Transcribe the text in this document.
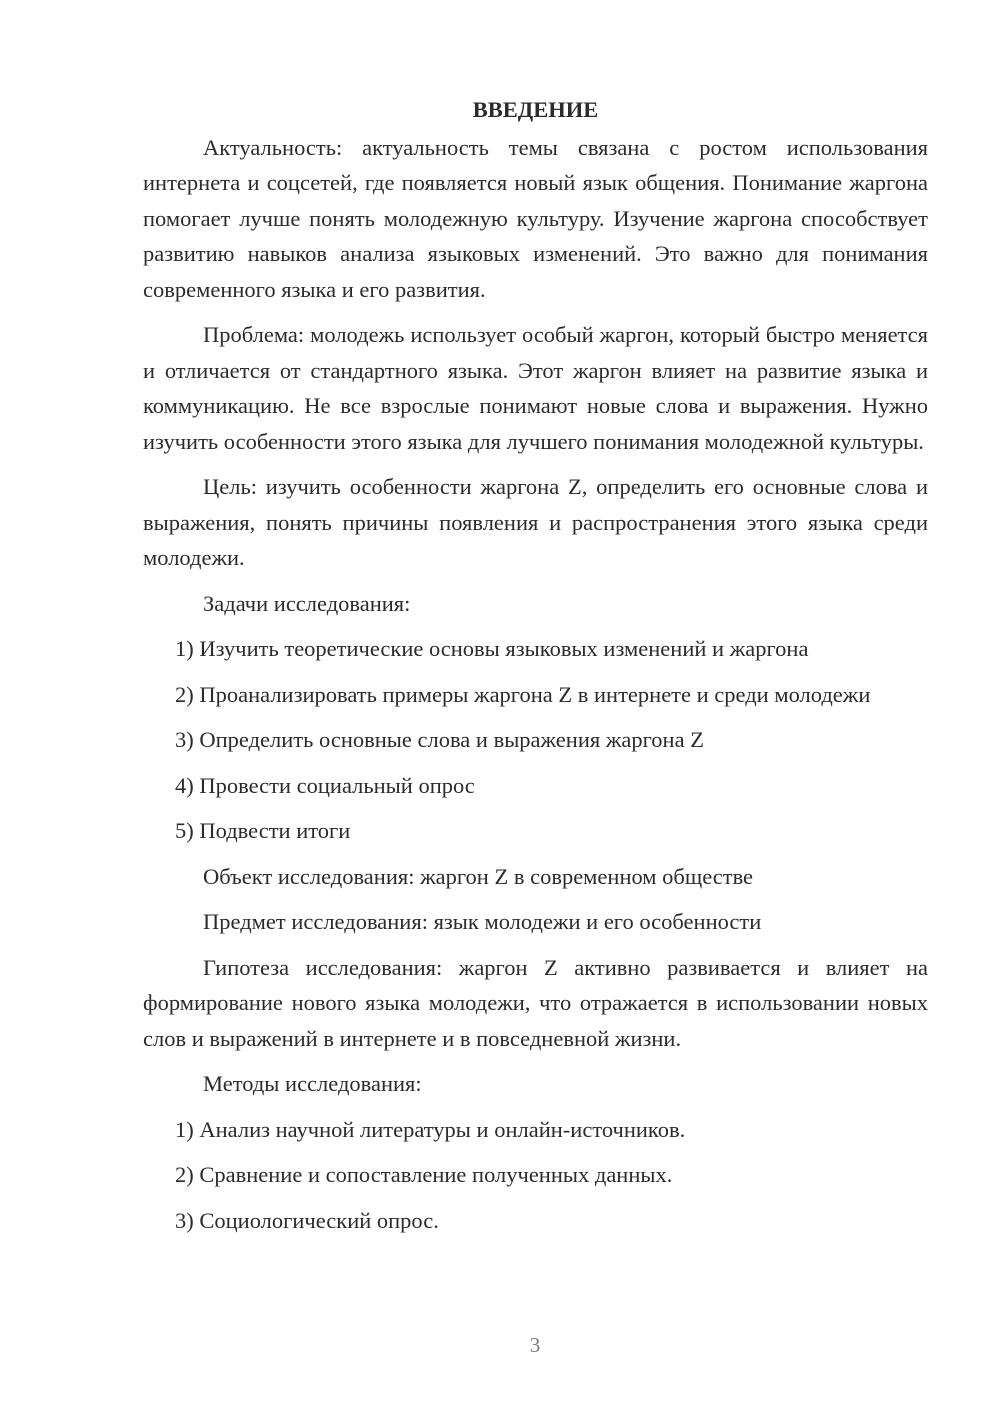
ВВЕДЕНИЕ

Актуальность: актуальность темы связана с ростом использования интернета и соцсетей, где появляется новый язык общения. Понимание жаргона помогает лучше понять молодежную культуру. Изучение жаргона способствует развитию навыков анализа языковых изменений. Это важно для понимания современного языка и его развития.

Проблема: молодежь использует особый жаргон, который быстро меняется и отличается от стандартного языка. Этот жаргон влияет на развитие языка и коммуникацию. Не все взрослые понимают новые слова и выражения. Нужно изучить особенности этого языка для лучшего понимания молодежной культуры.

Цель: изучить особенности жаргона Z, определить его основные слова и выражения, понять причины появления и распространения этого языка среди молодежи.

Задачи исследования:

1) Изучить теоретические основы языковых изменений и жаргона

2) Проанализировать примеры жаргона Z в интернете и среди молодежи

3) Определить основные слова и выражения жаргона Z

4) Провести социальный опрос

5) Подвести итоги

Объект исследования: жаргон Z в современном обществе

Предмет исследования: язык молодежи и его особенности

Гипотеза исследования: жаргон Z активно развивается и влияет на формирование нового языка молодежи, что отражается в использовании новых слов и выражений в интернете и в повседневной жизни.

Методы исследования:

1) Анализ научной литературы и онлайн-источников.

2) Сравнение и сопоставление полученных данных.

3) Социологический опрос.

3
